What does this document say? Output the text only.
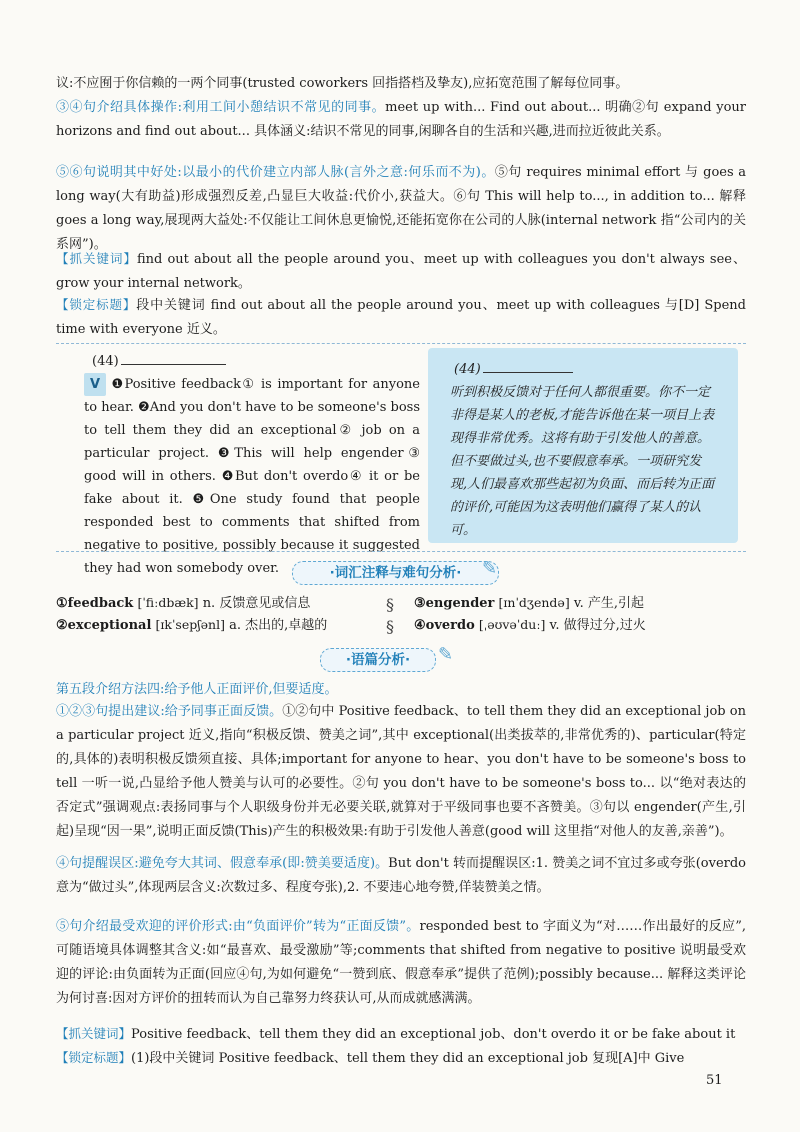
议:不应囿于你信赖的一两个同事(trusted coworkers 回指搭档及挚友),应拓宽范围了解每位同事。

③④句介绍具体操作:利用工间小憩结识不常见的同事。meet up with... Find out about... 明确②句 expand your horizons and find out about... 具体涵义:结识不常见的同事,闲聊各自的生活和兴趣,进而拉近彼此关系。

⑤⑥句说明其中好处:以最小的代价建立内部人脉(言外之意:何乐而不为)。⑤句 requires minimal effort 与 goes a long way(大有助益)形成强烈反差,凸显巨大收益:代价小,获益大。⑥句 This will help to..., in addition to... 解释 goes a long way,展现两大益处:不仅能让工间休息更愉悦,还能拓宽你在公司的人脉(internal network 指“公司内的关系网”)。

【抓关键词】find out about all the people around you、meet up with colleagues you don't always see、grow your internal network。

【锁定标题】段中关键词 find out about all the people around you、meet up with colleagues 与[D] Spend time with everyone 近义。

(44)
V ❶Positive feedback① is important for anyone to hear. ❷And you don't have to be someone's boss to tell them they did an exceptional② job on a particular project. ❸This will help engender③ good will in others. ❹But don't overdo④ it or be fake about it. ❺One study found that people responded best to comments that shifted from negative to positive, possibly because it suggested they had won somebody over.
(44)
听到积极反馈对于任何人都很重要。你不一定非得是某人的老板,才能告诉他在某一项目上表现得非常优秀。这将有助于引发他人的善意。但不要做过头,也不要假意奉承。一项研究发现,人们最喜欢那些起初为负面、而后转为正面的评价,可能因为这表明他们赢得了某人的认可。
·词汇注释与难句分析·	✎
①feedback [ˈfiːdbæk] n. 反馈意见或信息
②exceptional [ɪkˈsepʃənl] a. 杰出的,卓越的
§
§
③engender [ɪnˈdʒendə] v. 产生,引起
④overdo [ˌəʊvəˈduː] v. 做得过分,过火
·语篇分析·	✎

第五段介绍方法四:给予他人正面评价,但要适度。

①②③句提出建议:给予同事正面反馈。①②句中 Positive feedback、to tell them they did an exceptional job on a particular project 近义,指向“积极反馈、赞美之词”,其中 exceptional(出类拔萃的,非常优秀的)、particular(特定的,具体的)表明积极反馈须直接、具体;important for anyone to hear、you don't have to be someone's boss to tell 一听一说,凸显给予他人赞美与认可的必要性。②句 you don't have to be someone's boss to... 以“绝对表达的否定式”强调观点:表扬同事与个人职级身份并无必要关联,就算对于平级同事也要不吝赞美。③句以 engender(产生,引起)呈现“因一果”,说明正面反馈(This)产生的积极效果:有助于引发他人善意(good will 这里指“对他人的友善,亲善”)。

④句提醒误区:避免夸大其词、假意奉承(即:赞美要适度)。But don't 转而提醒误区:1. 赞美之词不宜过多或夸张(overdo 意为“做过头”,体现两层含义:次数过多、程度夸张),2. 不要违心地夸赞,佯装赞美之情。

⑤句介绍最受欢迎的评价形式:由“负面评价”转为“正面反馈”。responded best to 字面义为“对……作出最好的反应”,可随语境具体调整其含义:如“最喜欢、最受激励”等;comments that shifted from negative to positive 说明最受欢迎的评论:由负面转为正面(回应④句,为如何避免“一赞到底、假意奉承”提供了范例);possibly because... 解释这类评论为何讨喜:因对方评价的扭转而认为自己靠努力终获认可,从而成就感满满。

【抓关键词】Positive feedback、tell them they did an exceptional job、don't overdo it or be fake about it

【锁定标题】(1)段中关键词 Positive feedback、tell them they did an exceptional job 复现[A]中 Give

51
